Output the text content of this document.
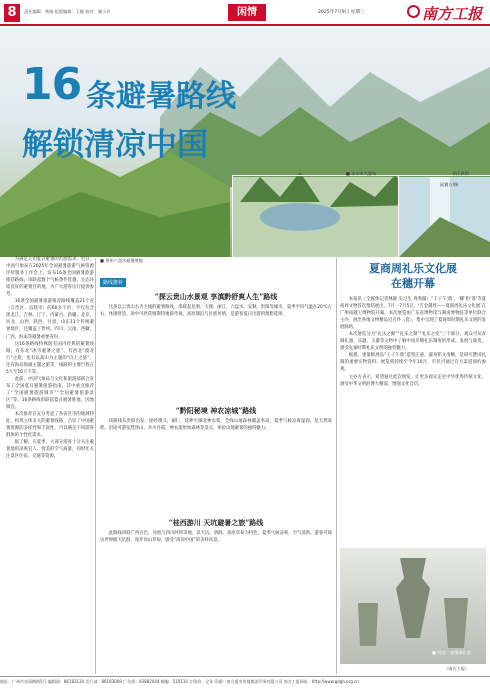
8	责任编辑：黄娟 组版编辑：王媛 校对：谢小玲	闲情	2025年7月9日 星期三	南方工报
16 条避暑路线
解锁清凉中国
景区供图
■ 赤水市大瀑布
邱翼方/摄

为满足人们夏日避暑的出游需求，近日，中国气象局在2025年全国避暑旅游气候资源评价服务工作会上，发布16条全国避暑旅游推荐路线，串联起数个气候条件优越、生态环境良好的避暑目的地，为广大游客出行提供参考。

16条全国避暑旅游推荐路线覆盖21个省（自治区、直辖市）的60多个市，不仅包含黑龙江、吉林、辽宁、内蒙古、新疆、北京、河北、山西、陕西、甘肃、山东11个传统避暑地区，还覆盖了贵州、四川、云南、西藏、广西、海南等避暑重要省份。

这16条路线特殊既有国内经典的避暑线路，有东北“冰雪避暑之旅”、有西北“漠北行”之旅，也有以高山为主题的“向上之旅”，还有海岛海湖主题之旅等，线路的主要行程在5天至16天不等。

此前，中国气象局与文化和旅游部联合发布了全国夏日避暑旅游指南，其中重点推荐了“全国避暑旅游城市”“全国避暑旅游景区”等。16条路线串联起夏日避暑胜地，因地制宜。

本次推荐在充分考虑了各省区市的地域特征，构筑立体多元的避暑线路，凸显了中国避暑资源的多样性和丰富性，可以满足不同游客群体的个性化需求。

据了解，在夏季，大部分游客十分关注避暑地的凉爽宜人、优美的空气质量，同时还关注景区住宿、交通等资源。

■ 贵州六盘水避暑胜地
路线推荐
“探云贵山水景观 享滇黔舒爽人生”路线

这条以云贵山水为主线的避暑路线，串联起昆明、大理、丽江、六盘水、安顺、贵阳等城市，夏季平均气温在20℃左右，体感舒适。途中可欣赏喀斯特地貌奇观、高原湖泊与民族风情，是游客夏日出游的理想选择。

“黔阳秘境 神农凉城”路线

该路线从贵阳出发，途经遵义、铜仁，延伸至湖北神农架，全线山地森林覆盖率高，夏季气候凉爽湿润，是天然氧吧。沿途可游览梵净山、赤水丹霞、神农架原始森林等景点，体验山地避暑的独特魅力。

“桂西游川 天坑避暑之旅”路线

此路线串联广西百色、河池与四川阿坝等地，以天坑、溶洞、高原草甸为特色，夏季气候凉爽，空气清新。游客可探访世界级天坑群，漫步高山草甸，感受“清凉中国”的多样风景。

夏商周礼乐文化展
在穗开幕

本报讯（全媒体记者林静 实习生 周秀璇）“王子午‘鼎’、‘卿’和‘寡’等夏商周文物首次集结展出，7月一7月5日，‘吉金越周——夏商周礼乐文化展’在广州南越王博物院开幕。本次展览由广东省博物馆与湖南博物院等单位联合主办，展出各地文物精品近百件（套），集中呈现了夏商周时期礼乐文明的发展脉络。

本次展览分为“礼乐之源”“礼乐之制”“礼乐之变”三个部分，观众可从青铜礼器、乐器、玉器等文物中了解中国早期礼乐制度的形成、发展与演变，感受先秦时期礼乐文明的独特魅力。

据悉，重量级展品“王子午鼎”造型庄重，器身铭文清晰，是研究楚国礼制的重要实物资料。展览将持续至今年10月，市民可通过官方渠道预约参观。

主办方表示，希望通过此次展览，让更多观众走近中华优秀传统文化，感受中华文明的博大精深，增强文化自信。

■ 展品：金镶铜礼器
（南方工报）
地址：广州市东园横路5号 编辑部：86183120 发行部：86183008 广告部：83882444 邮编：510110 订阅价：全年 印刷：南方报业传媒集团印务有限公司 南方工报网址：http://www.gdgh.org.cn
